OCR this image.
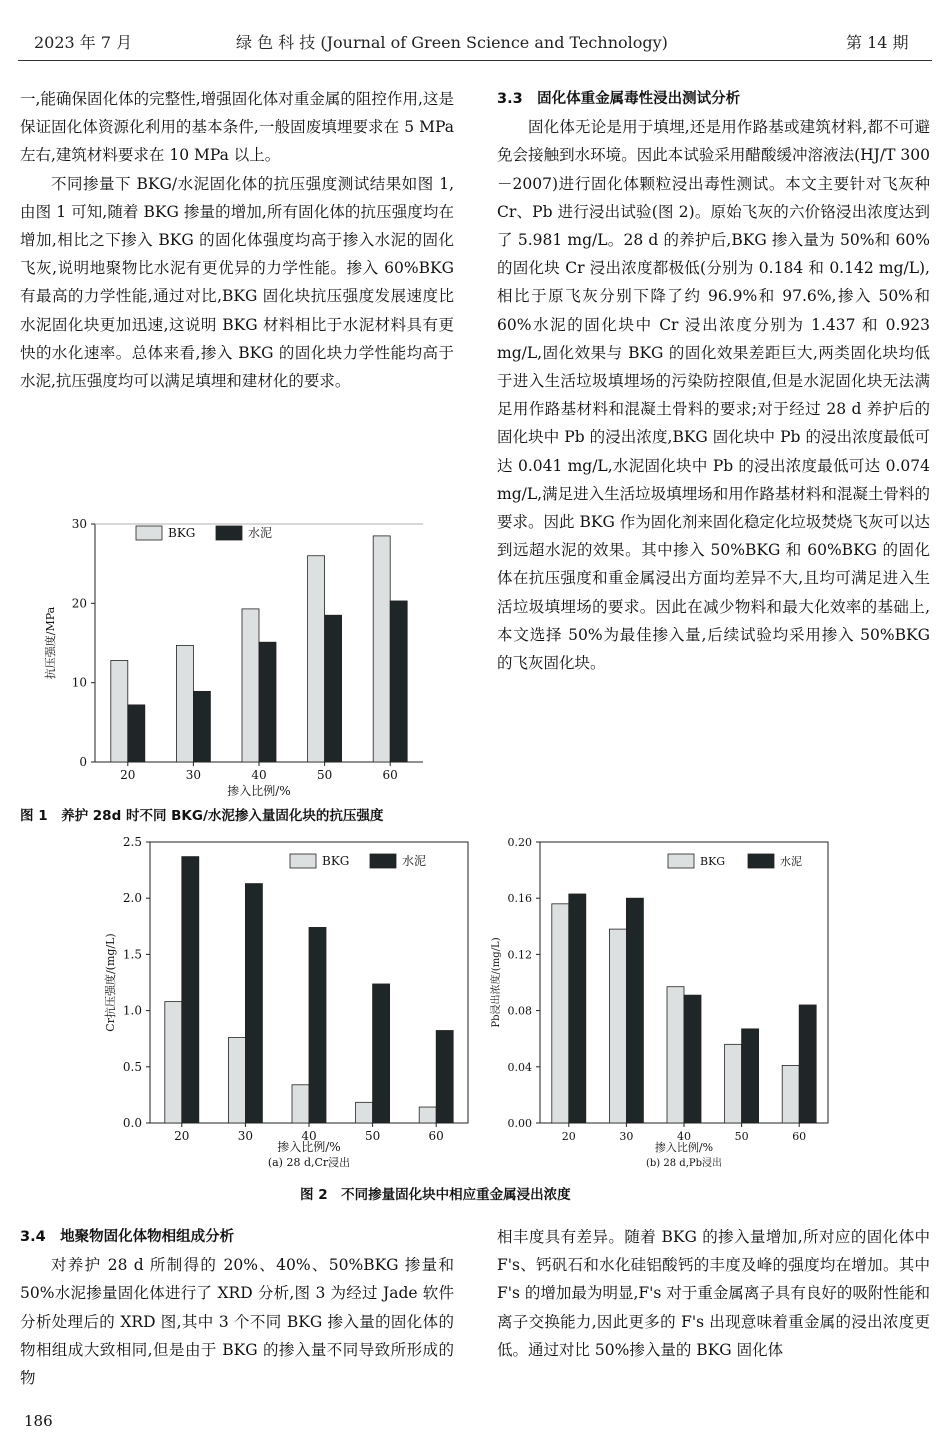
2023 年 7 月	绿 色 科 技 (Journal of Green Science and Technology)	第 14 期

一,能确保固化体的完整性,增强固化体对重金属的阻控作用,这是保证固化体资源化利用的基本条件,一般固废填埋要求在 5 MPa 左右,建筑材料要求在 10 MPa 以上。

不同掺量下 BKG/水泥固化体的抗压强度测试结果如图 1,由图 1 可知,随着 BKG 掺量的增加,所有固化体的抗压强度均在增加,相比之下掺入 BKG 的固化体强度均高于掺入水泥的固化飞灰,说明地聚物比水泥有更优异的力学性能。掺入 60%BKG 有最高的力学性能,通过对比,BKG 固化块抗压强度发展速度比水泥固化块更加迅速,这说明 BKG 材料相比于水泥材料具有更快的水化速率。总体来看,掺入 BKG 的固化块力学性能均高于水泥,抗压强度均可以满足填埋和建材化的要求。

3.3　固化体重金属毒性浸出测试分析

固化体无论是用于填埋,还是用作路基或建筑材料,都不可避免会接触到水环境。因此本试验采用醋酸缓冲溶液法(HJ/T 300－2007)进行固化体颗粒浸出毒性测试。本文主要针对飞灰种 Cr、Pb 进行浸出试验(图 2)。原始飞灰的六价铬浸出浓度达到了 5.981 mg/L。28 d 的养护后,BKG 掺入量为 50%和 60%的固化块 Cr 浸出浓度都极低(分别为 0.184 和 0.142 mg/L),相比于原飞灰分别下降了约 96.9%和 97.6%,掺入 50%和 60%水泥的固化块中 Cr 浸出浓度分别为 1.437 和 0.923 mg/L,固化效果与 BKG 的固化效果差距巨大,两类固化块均低于进入生活垃圾填埋场的污染防控限值,但是水泥固化块无法满足用作路基材料和混凝土骨料的要求;对于经过 28 d 养护后的固化块中 Pb 的浸出浓度,BKG 固化块中 Pb 的浸出浓度最低可达 0.041 mg/L,水泥固化块中 Pb 的浸出浓度最低可达 0.074 mg/L,满足进入生活垃圾填埋场和用作路基材料和混凝土骨料的要求。因此 BKG 作为固化剂来固化稳定化垃圾焚烧飞灰可以达到远超水泥的效果。其中掺入 50%BKG 和 60%BKG 的固化体在抗压强度和重金属浸出方面均差异不大,且均可满足进入生活垃圾填埋场的要求。因此在减少物料和最大化效率的基础上,本文选择 50%为最佳掺入量,后续试验均采用掺入 50%BKG 的飞灰固化块。

0
10
20
30
20	30	40	50	60
掺入比例/%
抗压强度/MPa
BKG	水泥
图 1　养护 28d 时不同 BKG/水泥掺入量固化块的抗压强度
0.0
0.5
1.0
1.5
2.0
2.5
20	30	40	50	60
掺入比例/%
Cr抗压强度/(mg/L)
(a) 28 d,Cr浸出
BKG	水泥
0.00
0.04
0.08
0.12
0.16
0.20
20	30	40	50	60
掺入比例/%
Pb浸出浓度/(mg/L)
(b) 28 d,Pb浸出
BKG	水泥
图 2　不同掺量固化块中相应重金属浸出浓度

3.4　地聚物固化体物相组成分析

对养护 28 d 所制得的 20%、40%、50%BKG 掺量和 50%水泥掺量固化体进行了 XRD 分析,图 3 为经过 Jade 软件分析处理后的 XRD 图,其中 3 个不同 BKG 掺入量的固化体的物相组成大致相同,但是由于 BKG 的掺入量不同导致所形成的物

相丰度具有差异。随着 BKG 的掺入量增加,所对应的固化体中 F's、钙矾石和水化硅铝酸钙的丰度及峰的强度均在增加。其中 F's 的增加最为明显,F's 对于重金属离子具有良好的吸附性能和离子交换能力,因此更多的 F's 出现意味着重金属的浸出浓度更低。通过对比 50%掺入量的 BKG 固化体

186
